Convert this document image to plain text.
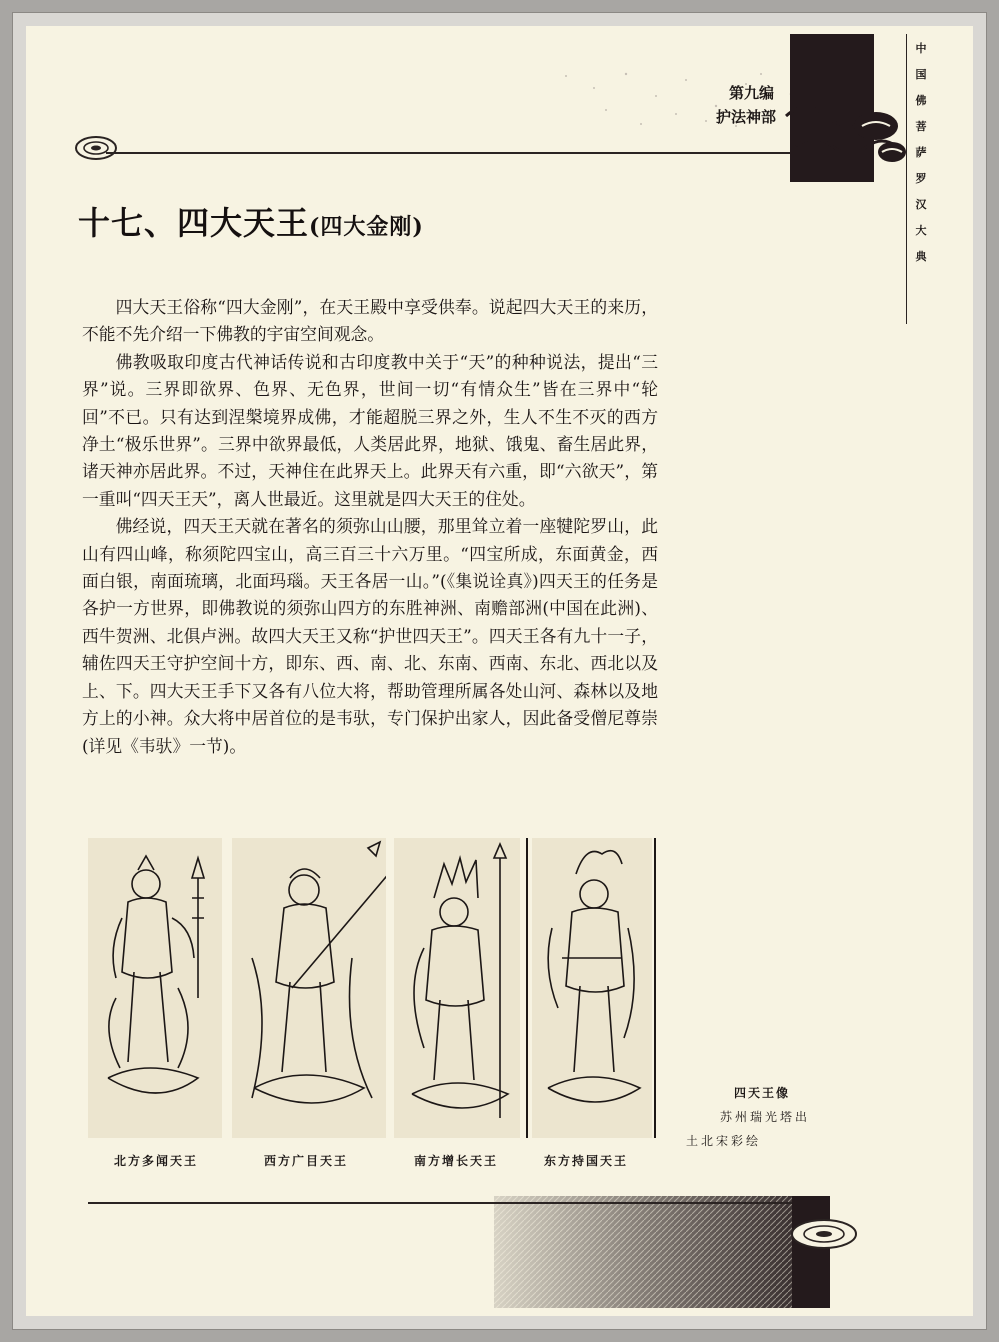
第九编
护法神部
中
国
佛
菩
萨
罗
汉
大
典
十七、四大天王(四大金刚)

四大天王俗称“四大金刚”，在天王殿中享受供奉。说起四大天王的来历，不能不先介绍一下佛教的宇宙空间观念。

佛教吸取印度古代神话传说和古印度教中关于“天”的种种说法，提出“三界”说。三界即欲界、色界、无色界，世间一切“有情众生”皆在三界中“轮回”不已。只有达到涅槃境界成佛，才能超脱三界之外，生人不生不灭的西方净土“极乐世界”。三界中欲界最低，人类居此界，地狱、饿鬼、畜生居此界，诸天神亦居此界。不过，天神住在此界天上。此界天有六重，即“六欲天”，第一重叫“四天王天”，离人世最近。这里就是四大天王的住处。

佛经说，四天王天就在著名的须弥山山腰，那里耸立着一座犍陀罗山，此山有四山峰，称须陀四宝山，高三百三十六万里。“四宝所成，东面黄金，西面白银，南面琉璃，北面玛瑙。天王各居一山。”(《集说诠真》)四天王的任务是各护一方世界，即佛教说的须弥山四方的东胜神洲、南赡部洲(中国在此洲)、西牛贺洲、北俱卢洲。故四大天王又称“护世四天王”。四天王各有九十一子，辅佐四天王守护空间十方，即东、西、南、北、东南、西南、东北、西北以及上、下。四大天王手下又各有八位大将，帮助管理所属各处山河、森林以及地方上的小神。众大将中居首位的是韦驮，专门保护出家人，因此备受僧尼尊崇(详见《韦驮》一节)。

北方多闻天王	西方广目天王	南方增长天王	东方持国天王
四天王像
苏州瑞光塔出
土北宋彩绘
